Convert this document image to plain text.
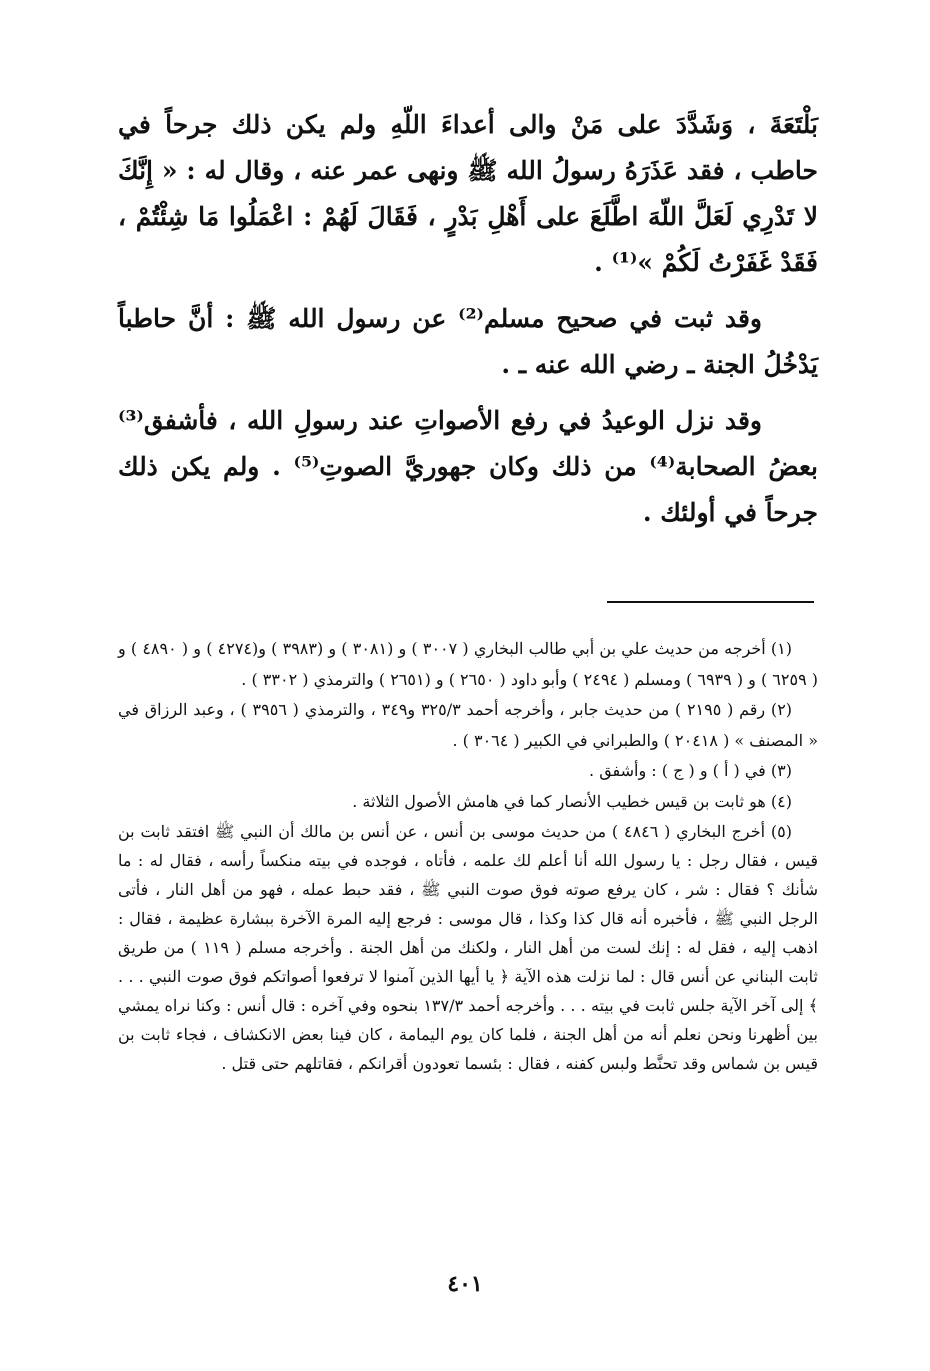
بَلْتَعَةَ ، وَشَدَّدَ على مَنْ والى أعداءَ اللّهِ ولم يكن ذلك جرحاً في حاطب ، فقد عَذَرَهُ رسولُ الله ﷺ ونهى عمر عنه ، وقال له : « إِنَّكَ لا تَدْرِي لَعَلَّ اللّهَ اطَّلَعَ على أَهْلِ بَدْرٍ ، فَقَالَ لَهُمْ : اعْمَلُوا مَا شِئْتُمْ ، فَقَدْ غَفَرْتُ لَكُمْ »⁽¹⁾ .

وقد ثبت في صحيح مسلم⁽²⁾ عن رسول الله ﷺ : أنَّ حاطباً يَدْخُلُ الجنة ـ رضي الله عنه ـ .

وقد نزل الوعيدُ في رفع الأصواتِ عند رسولِ الله ، فأشفق⁽³⁾ بعضُ الصحابة⁽⁴⁾ من ذلك وكان جهوريَّ الصوتِ⁽⁵⁾ . ولم يكن ذلك جرحاً في أولئك .

(١) أخرجه من حديث علي بن أبي طالب البخاري ( ٣٠٠٧ ) و (٣٠٨١ ) و (٣٩٨٣ ) و(٤٢٧٤ ) و ( ٤٨٩٠ ) و ( ٦٢٥٩ ) و ( ٦٩٣٩ ) ومسلم ( ٢٤٩٤ ) وأبو داود ( ٢٦٥٠ ) و (٢٦٥١ ) والترمذي ( ٣٣٠٢ ) .

(٢) رقم ( ٢١٩٥ ) من حديث جابر ، وأخرجه أحمد ٣٢٥/٣ و٣٤٩ ، والترمذي ( ٣٩٥٦ ) ، وعبد الرزاق في « المصنف » ( ٢٠٤١٨ ) والطبراني في الكبير ( ٣٠٦٤ ) .

(٣) في ( أ ) و ( ج ) : وأشفق .

(٤) هو ثابت بن قيس خطيب الأنصار كما في هامش الأصول الثلاثة .

(٥) أخرج البخاري ( ٤٨٤٦ ) من حديث موسى بن أنس ، عن أنس بن مالك أن النبي ﷺ افتقد ثابت بن قيس ، فقال رجل : يا رسول الله أنا أعلم لك علمه ، فأتاه ، فوجده في بيته منكساً رأسه ، فقال له : ما شأنك ؟ فقال : شر ، كان يرفع صوته فوق صوت النبي ﷺ ، فقد حبط عمله ، فهو من أهل النار ، فأتى الرجل النبي ﷺ ، فأخبره أنه قال كذا وكذا ، قال موسى : فرجع إليه المرة الآخرة ببشارة عظيمة ، فقال : اذهب إليه ، فقل له : إنك لست من أهل النار ، ولكنك من أهل الجنة . وأخرجه مسلم ( ١١٩ ) من طريق ثابت البناني عن أنس قال : لما نزلت هذه الآية ﴿ يا أيها الذين آمنوا لا ترفعوا أصواتكم فوق صوت النبي . . . ﴾ إلى آخر الآية جلس ثابت في بيته . . . وأخرجه أحمد ١٣٧/٣ بنحوه وفي آخره : قال أنس : وكنا نراه يمشي بين أظهرنا ونحن نعلم أنه من أهل الجنة ، فلما كان يوم اليمامة ، كان فينا بعض الانكشاف ، فجاء ثابت بن قيس بن شماس وقد تحنَّط ولبس كفنه ، فقال : بئسما تعودون أقرانكم ، فقاتلهم حتى قتل .

٤٠١
